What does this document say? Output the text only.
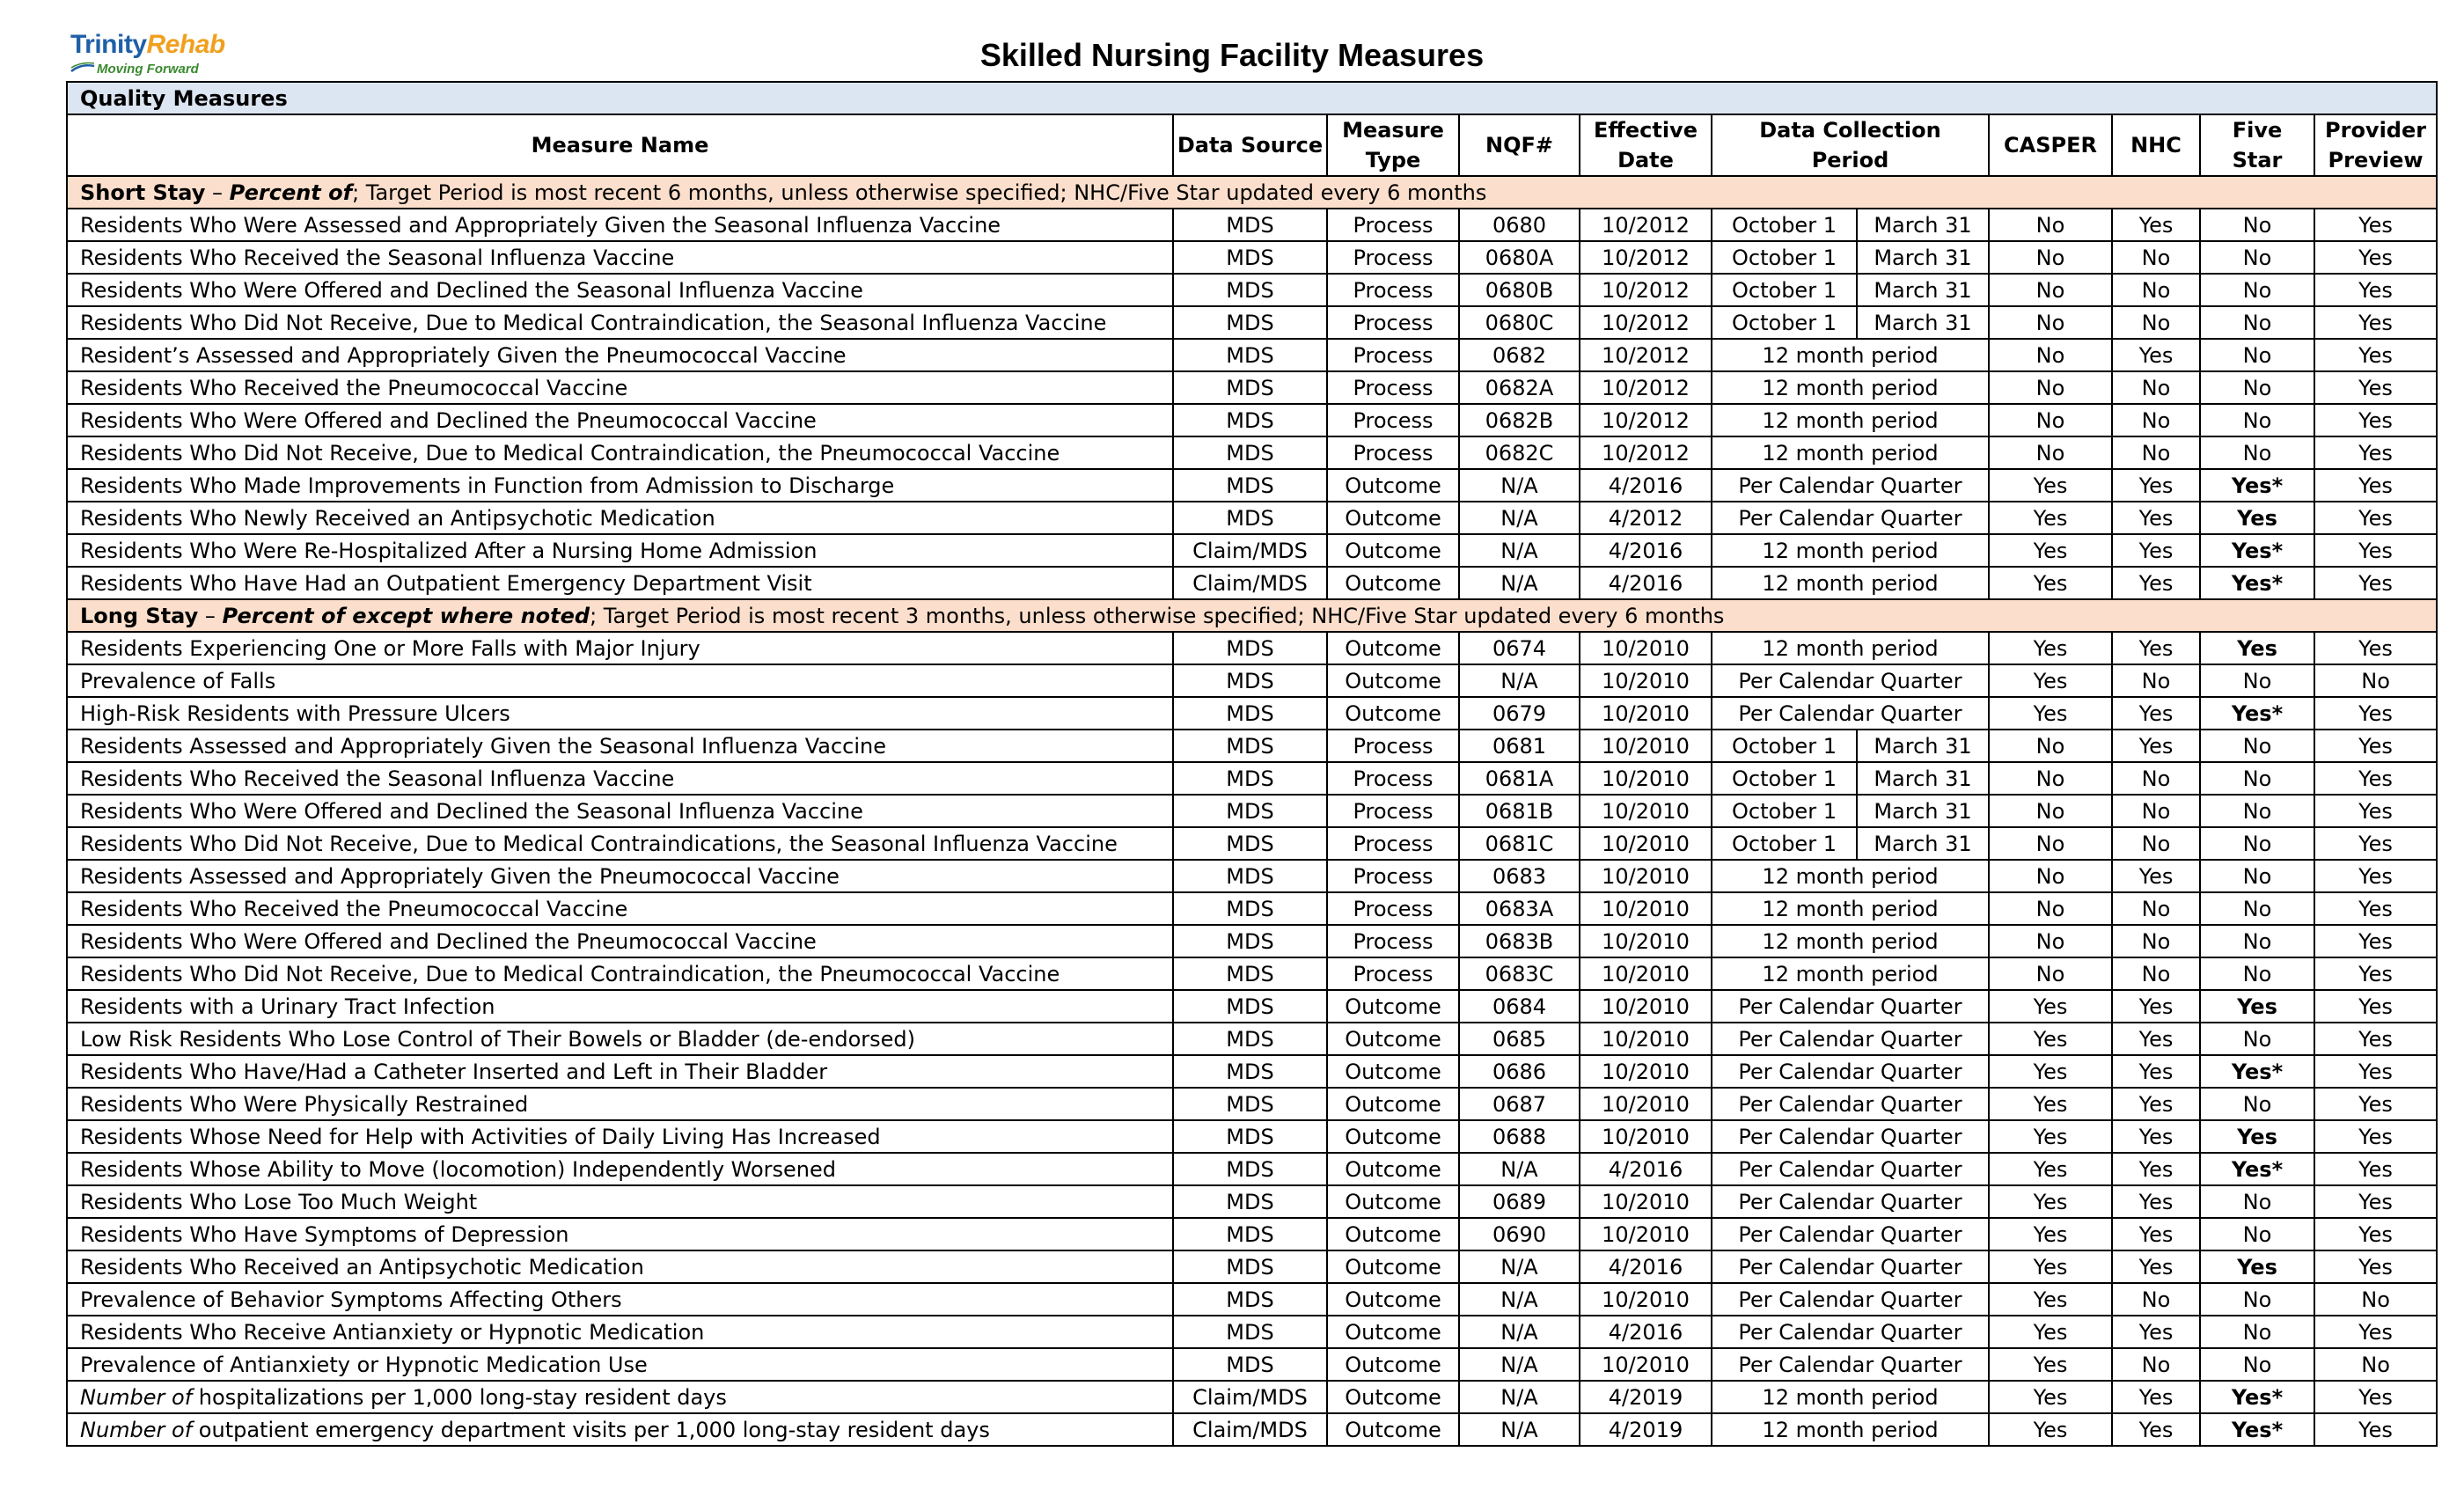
TrinityRehab
Moving Forward	Skilled Nursing Facility Measures
Quality Measures										
Measure Name	Data Source	Measure Type	NQF#	Effective Date	Data Collection Period		CASPER	NHC	Five Star	Provider Preview
Short Stay – Percent of; Target Period is most recent 6 months, unless otherwise specified; NHC/Five Star updated every 6 months										
Residents Who Were Assessed and Appropriately Given the Seasonal Influenza Vaccine	MDS	Process	0680	10/2012	October 1	March 31	No	Yes	No	Yes
Residents Who Received the Seasonal Influenza Vaccine	MDS	Process	0680A	10/2012	October 1	March 31	No	No	No	Yes
Residents Who Were Offered and Declined the Seasonal Influenza Vaccine	MDS	Process	0680B	10/2012	October 1	March 31	No	No	No	Yes
Residents Who Did Not Receive, Due to Medical Contraindication, the Seasonal Influenza Vaccine	MDS	Process	0680C	10/2012	October 1	March 31	No	No	No	Yes
Resident’s Assessed and Appropriately Given the Pneumococcal Vaccine	MDS	Process	0682	10/2012	12 month period		No	Yes	No	Yes
Residents Who Received the Pneumococcal Vaccine	MDS	Process	0682A	10/2012	12 month period		No	No	No	Yes
Residents Who Were Offered and Declined the Pneumococcal Vaccine	MDS	Process	0682B	10/2012	12 month period		No	No	No	Yes
Residents Who Did Not Receive, Due to Medical Contraindication, the Pneumococcal Vaccine	MDS	Process	0682C	10/2012	12 month period		No	No	No	Yes
Residents Who Made Improvements in Function from Admission to Discharge	MDS	Outcome	N/A	4/2016	Per Calendar Quarter		Yes	Yes	Yes*	Yes
Residents Who Newly Received an Antipsychotic Medication	MDS	Outcome	N/A	4/2012	Per Calendar Quarter		Yes	Yes	Yes	Yes
Residents Who Were Re-Hospitalized After a Nursing Home Admission	Claim/MDS	Outcome	N/A	4/2016	12 month period		Yes	Yes	Yes*	Yes
Residents Who Have Had an Outpatient Emergency Department Visit	Claim/MDS	Outcome	N/A	4/2016	12 month period		Yes	Yes	Yes*	Yes
Long Stay – Percent of except where noted; Target Period is most recent 3 months, unless otherwise specified; NHC/Five Star updated every 6 months										
Residents Experiencing One or More Falls with Major Injury	MDS	Outcome	0674	10/2010	12 month period		Yes	Yes	Yes	Yes
Prevalence of Falls	MDS	Outcome	N/A	10/2010	Per Calendar Quarter		Yes	No	No	No
High-Risk Residents with Pressure Ulcers	MDS	Outcome	0679	10/2010	Per Calendar Quarter		Yes	Yes	Yes*	Yes
Residents Assessed and Appropriately Given the Seasonal Influenza Vaccine	MDS	Process	0681	10/2010	October 1	March 31	No	Yes	No	Yes
Residents Who Received the Seasonal Influenza Vaccine	MDS	Process	0681A	10/2010	October 1	March 31	No	No	No	Yes
Residents Who Were Offered and Declined the Seasonal Influenza Vaccine	MDS	Process	0681B	10/2010	October 1	March 31	No	No	No	Yes
Residents Who Did Not Receive, Due to Medical Contraindications, the Seasonal Influenza Vaccine	MDS	Process	0681C	10/2010	October 1	March 31	No	No	No	Yes
Residents Assessed and Appropriately Given the Pneumococcal Vaccine	MDS	Process	0683	10/2010	12 month period		No	Yes	No	Yes
Residents Who Received the Pneumococcal Vaccine	MDS	Process	0683A	10/2010	12 month period		No	No	No	Yes
Residents Who Were Offered and Declined the Pneumococcal Vaccine	MDS	Process	0683B	10/2010	12 month period		No	No	No	Yes
Residents Who Did Not Receive, Due to Medical Contraindication, the Pneumococcal Vaccine	MDS	Process	0683C	10/2010	12 month period		No	No	No	Yes
Residents with a Urinary Tract Infection	MDS	Outcome	0684	10/2010	Per Calendar Quarter		Yes	Yes	Yes	Yes
Low Risk Residents Who Lose Control of Their Bowels or Bladder (de-endorsed)	MDS	Outcome	0685	10/2010	Per Calendar Quarter		Yes	Yes	No	Yes
Residents Who Have/Had a Catheter Inserted and Left in Their Bladder	MDS	Outcome	0686	10/2010	Per Calendar Quarter		Yes	Yes	Yes*	Yes
Residents Who Were Physically Restrained	MDS	Outcome	0687	10/2010	Per Calendar Quarter		Yes	Yes	No	Yes
Residents Whose Need for Help with Activities of Daily Living Has Increased	MDS	Outcome	0688	10/2010	Per Calendar Quarter		Yes	Yes	Yes	Yes
Residents Whose Ability to Move (locomotion) Independently Worsened	MDS	Outcome	N/A	4/2016	Per Calendar Quarter		Yes	Yes	Yes*	Yes
Residents Who Lose Too Much Weight	MDS	Outcome	0689	10/2010	Per Calendar Quarter		Yes	Yes	No	Yes
Residents Who Have Symptoms of Depression	MDS	Outcome	0690	10/2010	Per Calendar Quarter		Yes	Yes	No	Yes
Residents Who Received an Antipsychotic Medication	MDS	Outcome	N/A	4/2016	Per Calendar Quarter		Yes	Yes	Yes	Yes
Prevalence of Behavior Symptoms Affecting Others	MDS	Outcome	N/A	10/2010	Per Calendar Quarter		Yes	No	No	No
Residents Who Receive Antianxiety or Hypnotic Medication	MDS	Outcome	N/A	4/2016	Per Calendar Quarter		Yes	Yes	No	Yes
Prevalence of Antianxiety or Hypnotic Medication Use	MDS	Outcome	N/A	10/2010	Per Calendar Quarter		Yes	No	No	No
Number of hospitalizations per 1,000 long-stay resident days	Claim/MDS	Outcome	N/A	4/2019	12 month period		Yes	Yes	Yes*	Yes
Number of outpatient emergency department visits per 1,000 long-stay resident days	Claim/MDS	Outcome	N/A	4/2019	12 month period		Yes	Yes	Yes*	Yes
